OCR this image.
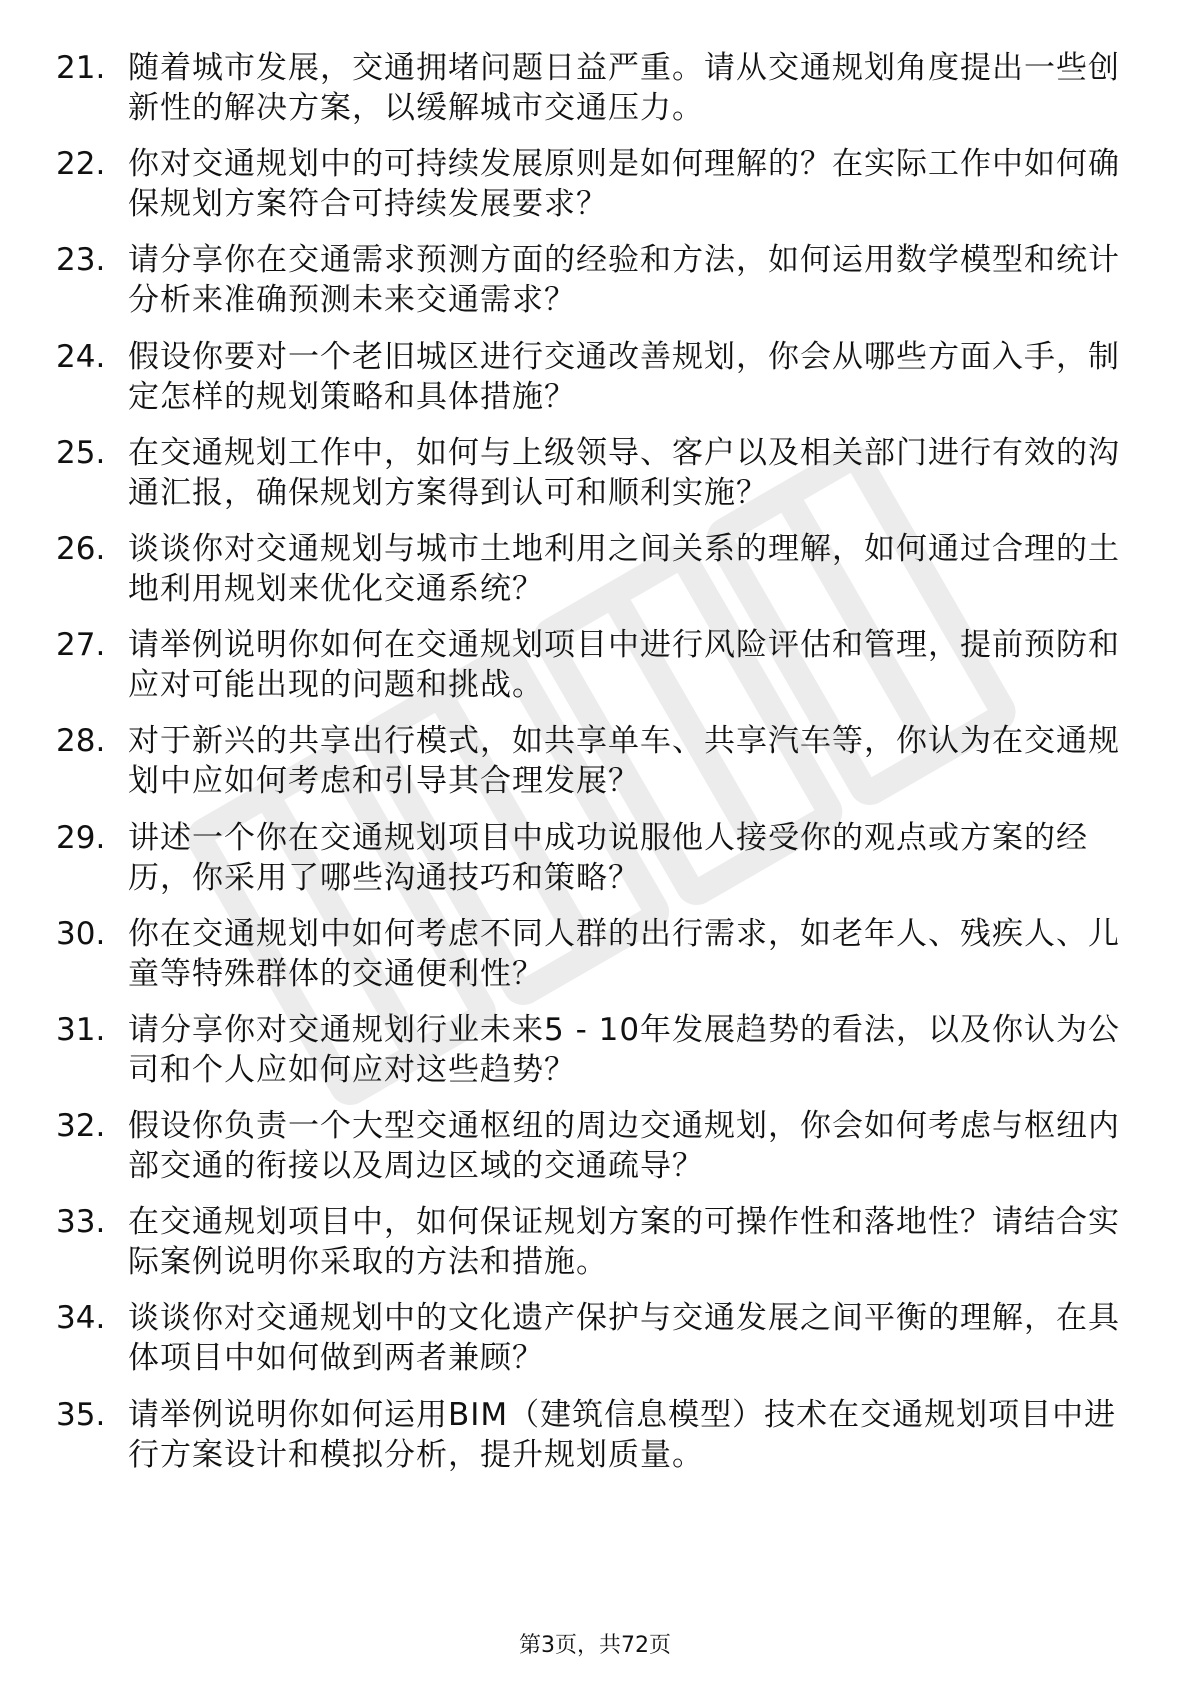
21. 随着城市发展，交通拥堵问题日益严重。请从交通规划角度提出一些创新性的解决方案，以缓解城市交通压力。
22. 你对交通规划中的可持续发展原则是如何理解的？在实际工作中如何确保规划方案符合可持续发展要求？
23. 请分享你在交通需求预测方面的经验和方法，如何运用数学模型和统计分析来准确预测未来交通需求？
24. 假设你要对一个老旧城区进行交通改善规划，你会从哪些方面入手，制定怎样的规划策略和具体措施？
25. 在交通规划工作中，如何与上级领导、客户以及相关部门进行有效的沟通汇报，确保规划方案得到认可和顺利实施？
26. 谈谈你对交通规划与城市土地利用之间关系的理解，如何通过合理的土地利用规划来优化交通系统？
27. 请举例说明你如何在交通规划项目中进行风险评估和管理，提前预防和应对可能出现的问题和挑战。
28. 对于新兴的共享出行模式，如共享单车、共享汽车等，你认为在交通规划中应如何考虑和引导其合理发展？
29. 讲述一个你在交通规划项目中成功说服他人接受你的观点或方案的经历，你采用了哪些沟通技巧和策略？
30. 你在交通规划中如何考虑不同人群的出行需求，如老年人、残疾人、儿童等特殊群体的交通便利性？
31. 请分享你对交通规划行业未来5 - 10年发展趋势的看法，以及你认为公司和个人应如何应对这些趋势？
32. 假设你负责一个大型交通枢纽的周边交通规划，你会如何考虑与枢纽内部交通的衔接以及周边区域的交通疏导？
33. 在交通规划项目中，如何保证规划方案的可操作性和落地性？请结合实际案例说明你采取的方法和措施。
34. 谈谈你对交通规划中的文化遗产保护与交通发展之间平衡的理解，在具体项目中如何做到两者兼顾？
35. 请举例说明你如何运用BIM（建筑信息模型）技术在交通规划项目中进行方案设计和模拟分析，提升规划质量。
第3页，共72页
